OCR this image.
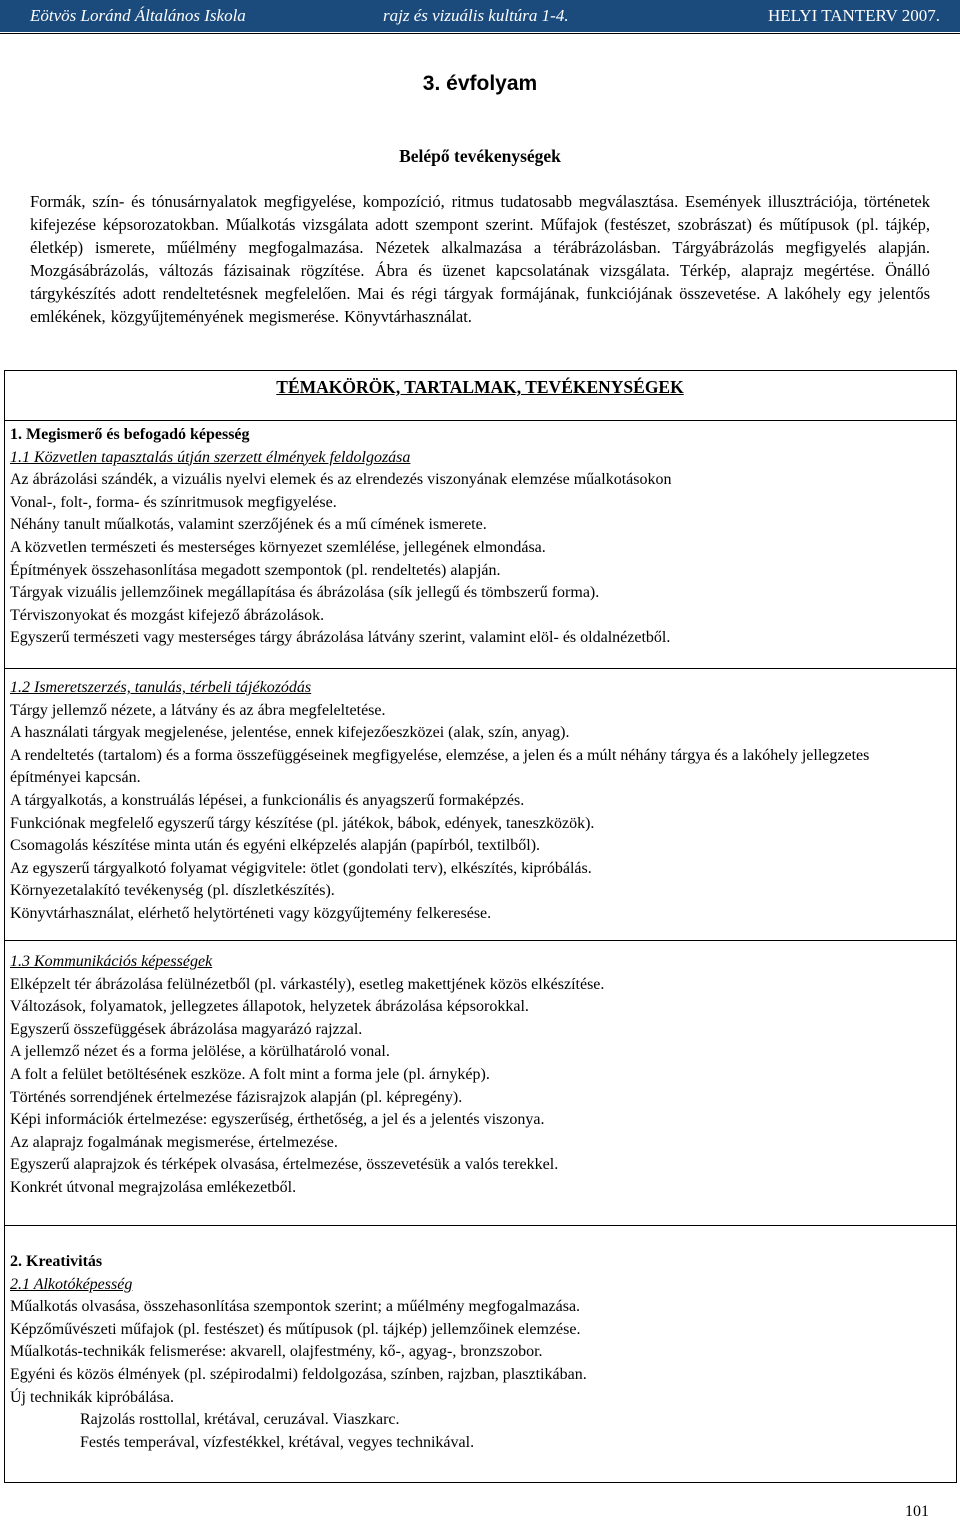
Eötvös Loránd Általános Iskola	rajz és vizuális kultúra 1-4.	HELYI TANTERV 2007.
3. évfolyam
Belépő tevékenységek
Formák, szín- és tónusárnyalatok megfigyelése, kompozíció, ritmus tudatosabb megválasztása. Események illusztrációja, történetek kifejezése képsorozatokban. Műalkotás vizsgálata adott szempont szerint. Műfajok (festészet, szobrászat) és műtípusok (pl. tájkép, életkép) ismerete, műélmény megfogalmazása. Nézetek alkalmazása a térábrázolásban. Tárgyábrázolás megfigyelés alapján. Mozgásábrázolás, változás fázisainak rögzítése. Ábra és üzenet kapcsolatának vizsgálata. Térkép, alaprajz megértése. Önálló tárgykészítés adott rendeltetésnek megfelelően. Mai és régi tárgyak formájának, funkciójának összevetése. A lakóhely egy jelentős emlékének, közgyűjteményének megismerése. Könyvtárhasználat.
TÉMAKÖRÖK, TARTALMAK, TEVÉKENYSÉGEK

1. Megismerő és befogadó képesség

1.1 Közvetlen tapasztalás útján szerzett élmények feldolgozása

Az ábrázolási szándék, a vizuális nyelvi elemek és az elrendezés viszonyának elemzése műalkotásokon

Vonal-, folt-, forma- és színritmusok megfigyelése.

Néhány tanult műalkotás, valamint szerzőjének és a mű címének ismerete.

A közvetlen természeti és mesterséges környezet szemlélése, jellegének elmondása.

Építmények összehasonlítása megadott szempontok (pl. rendeltetés) alapján.

Tárgyak vizuális jellemzőinek megállapítása és ábrázolása (sík jellegű és tömbszerű forma).

Térviszonyokat és mozgást kifejező ábrázolások.

Egyszerű természeti vagy mesterséges tárgy ábrázolása látvány szerint, valamint elöl- és oldalnézetből.

1.2 Ismeretszerzés, tanulás, térbeli tájékozódás

Tárgy jellemző nézete, a látvány és az ábra megfeleltetése.

A használati tárgyak megjelenése, jelentése, ennek kifejezőeszközei (alak, szín, anyag).

A rendeltetés (tartalom) és a forma összefüggéseinek megfigyelése, elemzése, a jelen és a múlt néhány tárgya és a lakóhely jellegzetes építményei kapcsán.

A tárgyalkotás, a konstruálás lépései, a funkcionális és anyagszerű formaképzés.

Funkciónak megfelelő egyszerű tárgy készítése (pl. játékok, bábok, edények, taneszközök).

Csomagolás készítése minta után és egyéni elképzelés alapján (papírból, textilből).

Az egyszerű tárgyalkotó folyamat végigvitele: ötlet (gondolati terv), elkészítés, kipróbálás.

Környezetalakító tevékenység (pl. díszletkészítés).

Könyvtárhasználat, elérhető helytörténeti vagy közgyűjtemény felkeresése.

1.3 Kommunikációs képességek

Elképzelt tér ábrázolása felülnézetből (pl. várkastély), esetleg makettjének közös elkészítése.

Változások, folyamatok, jellegzetes állapotok, helyzetek ábrázolása képsorokkal.

Egyszerű összefüggések ábrázolása magyarázó rajzzal.

A jellemző nézet és a forma jelölése, a körülhatároló vonal.

A folt a felület betöltésének eszköze. A folt mint a forma jele (pl. árnykép).

Történés sorrendjének értelmezése fázisrajzok alapján (pl. képregény).

Képi információk értelmezése: egyszerűség, érthetőség, a jel és a jelentés viszonya.

Az alaprajz fogalmának megismerése, értelmezése.

Egyszerű alaprajzok és térképek olvasása, értelmezése, összevetésük a valós terekkel.

Konkrét útvonal megrajzolása emlékezetből.

2. Kreativitás

2.1 Alkotóképesség

Műalkotás olvasása, összehasonlítása szempontok szerint; a műélmény megfogalmazása.

Képzőművészeti műfajok (pl. festészet) és műtípusok (pl. tájkép) jellemzőinek elemzése.

Műalkotás-technikák felismerése: akvarell, olajfestmény, kő-, agyag-, bronzszobor.

Egyéni és közös élmények (pl. szépirodalmi) feldolgozása, színben, rajzban, plasztikában.

Új technikák kipróbálása.

Rajzolás rosttollal, krétával, ceruzával. Viaszkarc.

Festés temperával, vízfestékkel, krétával, vegyes technikával.

101
